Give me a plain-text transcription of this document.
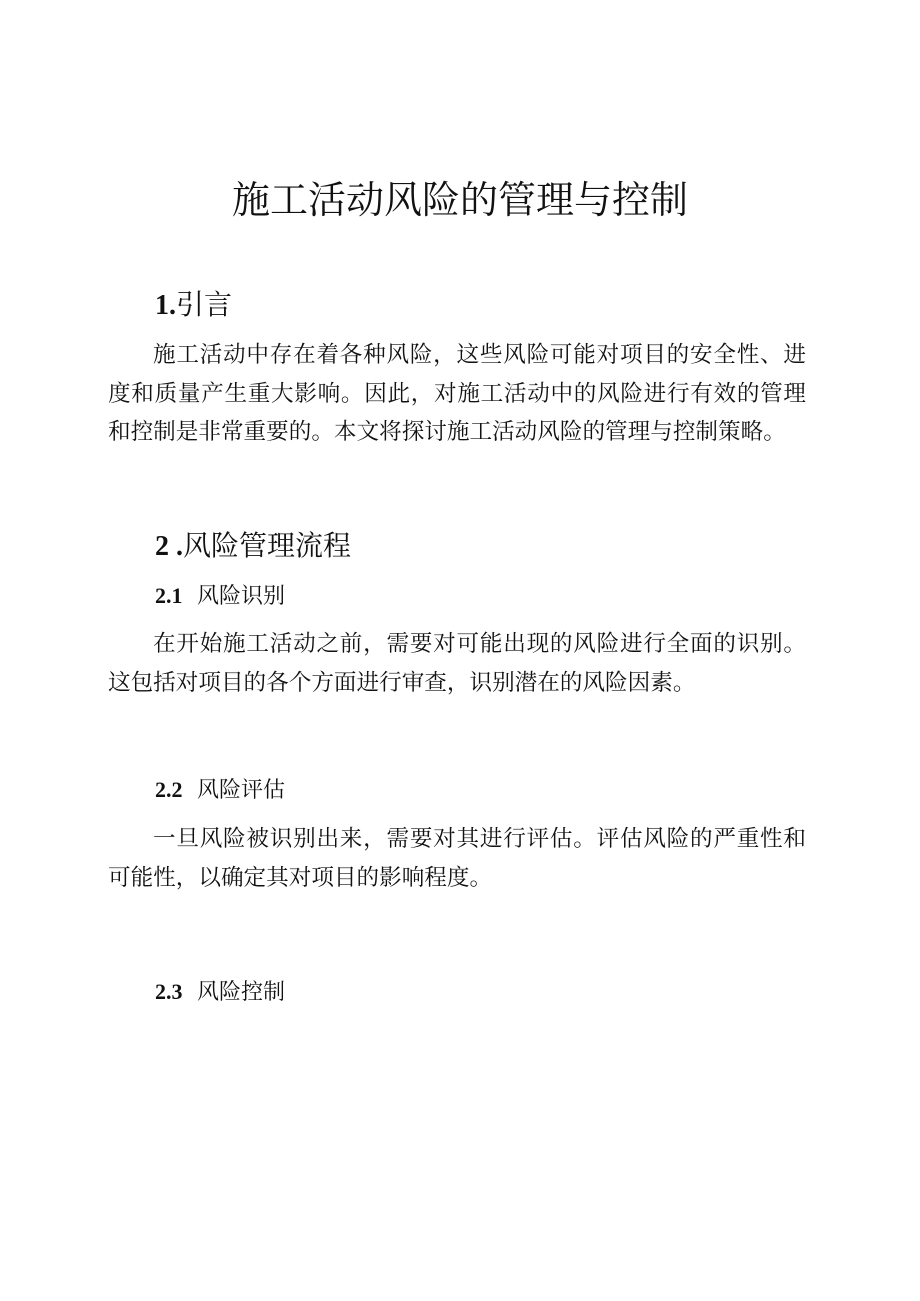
施工活动风险的管理与控制
1.引言

施工活动中存在着各种风险，这些风险可能对项目的安全性、进度和质量产生重大影响。因此，对施工活动中的风险进行有效的管理和控制是非常重要的。本文将探讨施工活动风险的管理与控制策略。

2 .风险管理流程
2.1 风险识别

在开始施工活动之前，需要对可能出现的风险进行全面的识别。这包括对项目的各个方面进行审查，识别潜在的风险因素。

2.2 风险评估

一旦风险被识别出来，需要对其进行评估。评估风险的严重性和可能性，以确定其对项目的影响程度。

2.3 风险控制
